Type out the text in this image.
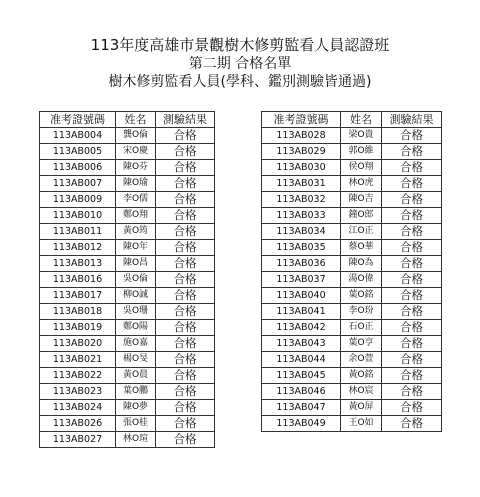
113年度高雄市景觀樹木修剪監看人員認證班
第二期 合格名單
樹木修剪監看人員(學科、鑑別測驗皆通過)
准考證號碼	姓名	測驗結果
113AB004	龔O倫	合格
113AB005	宋O慶	合格
113AB006	陳O芬	合格
113AB007	陳O瑜	合格
113AB009	李O儒	合格
113AB010	鄭O翔	合格
113AB011	黃O筠	合格
113AB012	陳O年	合格
113AB013	陳O昌	合格
113AB016	吳O倫	合格
113AB017	柳O誠	合格
113AB018	吳O珊	合格
113AB019	鄭O陽	合格
113AB020	施O嘉	合格
113AB021	楊O旻	合格
113AB022	黃O晨	合格
113AB023	葉O鵬	合格
113AB024	陳O夢	合格
113AB026	張O桂	合格
113AB027	林O瑄	合格
准考證號碼	姓名	測驗結果
113AB028	梁O貴	合格
113AB029	郭O維	合格
113AB030	侯O翔	合格
113AB031	林O虎	合格
113AB032	陳O吉	合格
113AB033	鐘O郎	合格
113AB034	江O正	合格
113AB035	蔡O華	合格
113AB036	陳O為	合格
113AB037	湯O偉	合格
113AB040	葉O銘	合格
113AB041	李O玢	合格
113AB042	石O正	合格
113AB043	葉O亨	合格
113AB044	余O萱	合格
113AB045	黃O銘	合格
113AB046	林O宸	合格
113AB047	黃O屏	合格
113AB049	王O如	合格
